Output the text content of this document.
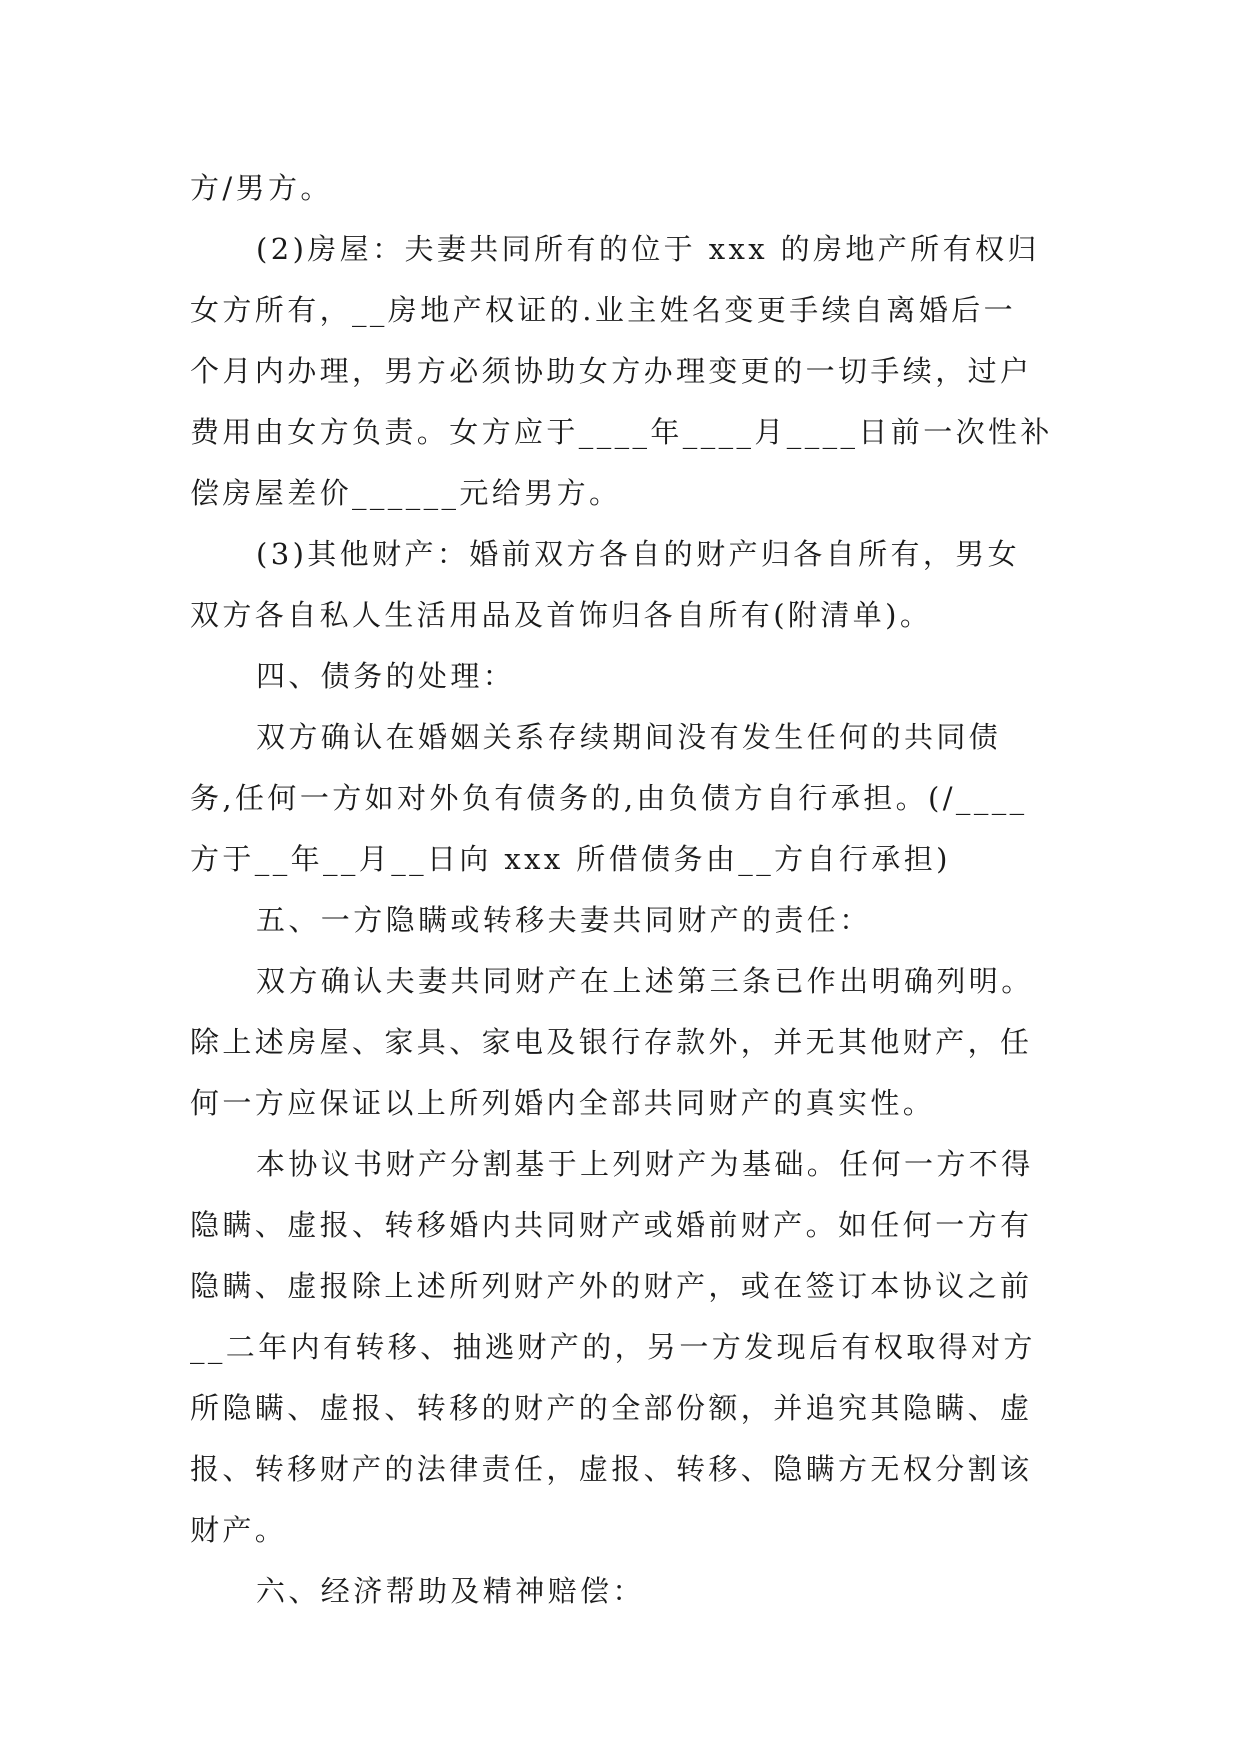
方/男方。
(2)房屋：夫妻共同所有的位于 xxx 的房地产所有权归
女方所有，__房地产权证的.业主姓名变更手续自离婚后一
个月内办理，男方必须协助女方办理变更的一切手续，过户
费用由女方负责。女方应于____年____月____日前一次性补
偿房屋差价______元给男方。
(3)其他财产：婚前双方各自的财产归各自所有，男女
双方各自私人生活用品及首饰归各自所有(附清单)。
四、债务的处理：
双方确认在婚姻关系存续期间没有发生任何的共同债
务,任何一方如对外负有债务的,由负债方自行承担。(/____
方于__年__月__日向 xxx 所借债务由__方自行承担)
五、一方隐瞒或转移夫妻共同财产的责任：
双方确认夫妻共同财产在上述第三条已作出明确列明。
除上述房屋、家具、家电及银行存款外，并无其他财产，任
何一方应保证以上所列婚内全部共同财产的真实性。
本协议书财产分割基于上列财产为基础。任何一方不得
隐瞒、虚报、转移婚内共同财产或婚前财产。如任何一方有
隐瞒、虚报除上述所列财产外的财产，或在签订本协议之前
__二年内有转移、抽逃财产的，另一方发现后有权取得对方
所隐瞒、虚报、转移的财产的全部份额，并追究其隐瞒、虚
报、转移财产的法律责任，虚报、转移、隐瞒方无权分割该
财产。
六、经济帮助及精神赔偿：
